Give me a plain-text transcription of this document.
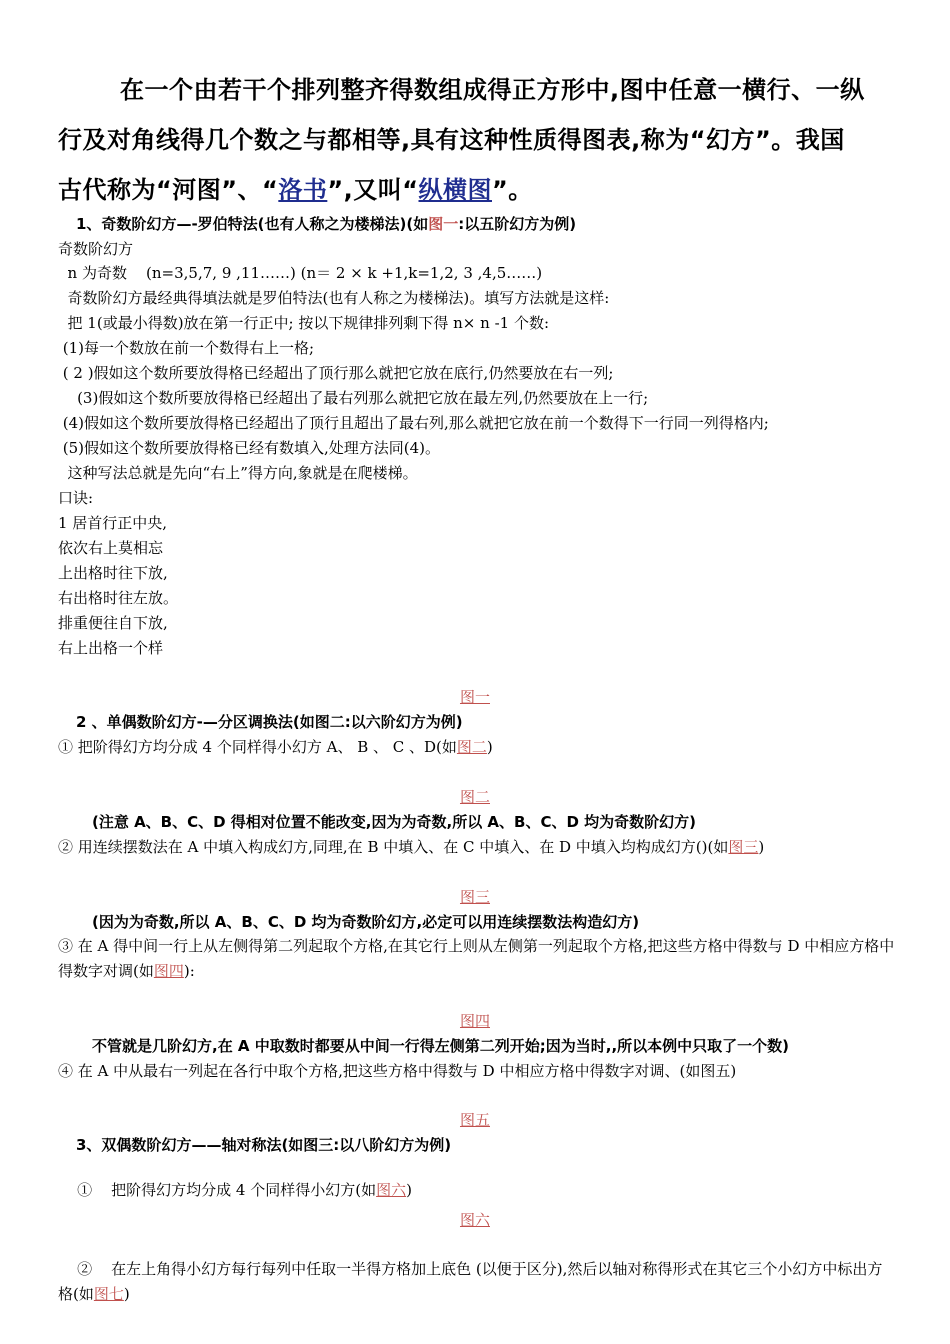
在一个由若干个排列整齐得数组成得正方形中,图中任意一横行、一纵
行及对角线得几个数之与都相等,具有这种性质得图表,称为“幻方”。我国
古代称为“河图”、“洛书”,又叫“纵横图”。
1、奇数阶幻方—-罗伯特法(也有人称之为楼梯法)(如图一:以五阶幻方为例)
奇数阶幻方
n 为奇数    (n=3,5,7, 9 ,11……) (n＝ 2 × k +1,k=1,2, 3 ,4,5……)
奇数阶幻方最经典得填法就是罗伯特法(也有人称之为楼梯法)。填写方法就是这样:
把 1(或最小得数)放在第一行正中; 按以下规律排列剩下得 n× n -1 个数:
(1)每一个数放在前一个数得右上一格;
( 2 )假如这个数所要放得格已经超出了顶行那么就把它放在底行,仍然要放在右一列;
(3)假如这个数所要放得格已经超出了最右列那么就把它放在最左列,仍然要放在上一行;
(4)假如这个数所要放得格已经超出了顶行且超出了最右列,那么就把它放在前一个数得下一行同一列得格内;
(5)假如这个数所要放得格已经有数填入,处理方法同(4)。
这种写法总就是先向“右上”得方向,象就是在爬楼梯。
口诀:
1 居首行正中央,
依次右上莫相忘
上出格时往下放,
右出格时往左放。
排重便往自下放,
右上出格一个样
图一
2 、单偶数阶幻方-—分区调换法(如图二:以六阶幻方为例)
① 把阶得幻方均分成 4 个同样得小幻方 A、 B 、 C 、D(如图二)
图二
(注意 A、B、C、D 得相对位置不能改变,因为为奇数,所以 A、B、C、D 均为奇数阶幻方)
② 用连续摆数法在 A 中填入构成幻方,同理,在 B 中填入、在 C 中填入、在 D 中填入均构成幻方()(如图三)
图三
(因为为奇数,所以 A、B、C、D 均为奇数阶幻方,必定可以用连续摆数法构造幻方)
③ 在 A 得中间一行上从左侧得第二列起取个方格,在其它行上则从左侧第一列起取个方格,把这些方格中得数与 D 中相应方格中得数字对调(如图四):
图四
不管就是几阶幻方,在 A 中取数时都要从中间一行得左侧第二列开始;因为当时,,所以本例中只取了一个数)
④ 在 A 中从最右一列起在各行中取个方格,把这些方格中得数与 D 中相应方格中得数字对调、(如图五)
图五
3、双偶数阶幻方——轴对称法(如图三:以八阶幻方为例)

①    把阶得幻方均分成 4 个同样得小幻方(如图六)

图六

②    在左上角得小幻方每行每列中任取一半得方格加上底色 (以便于区分),然后以轴对称得形式在其它三个小幻方中标出方格(如图七)
